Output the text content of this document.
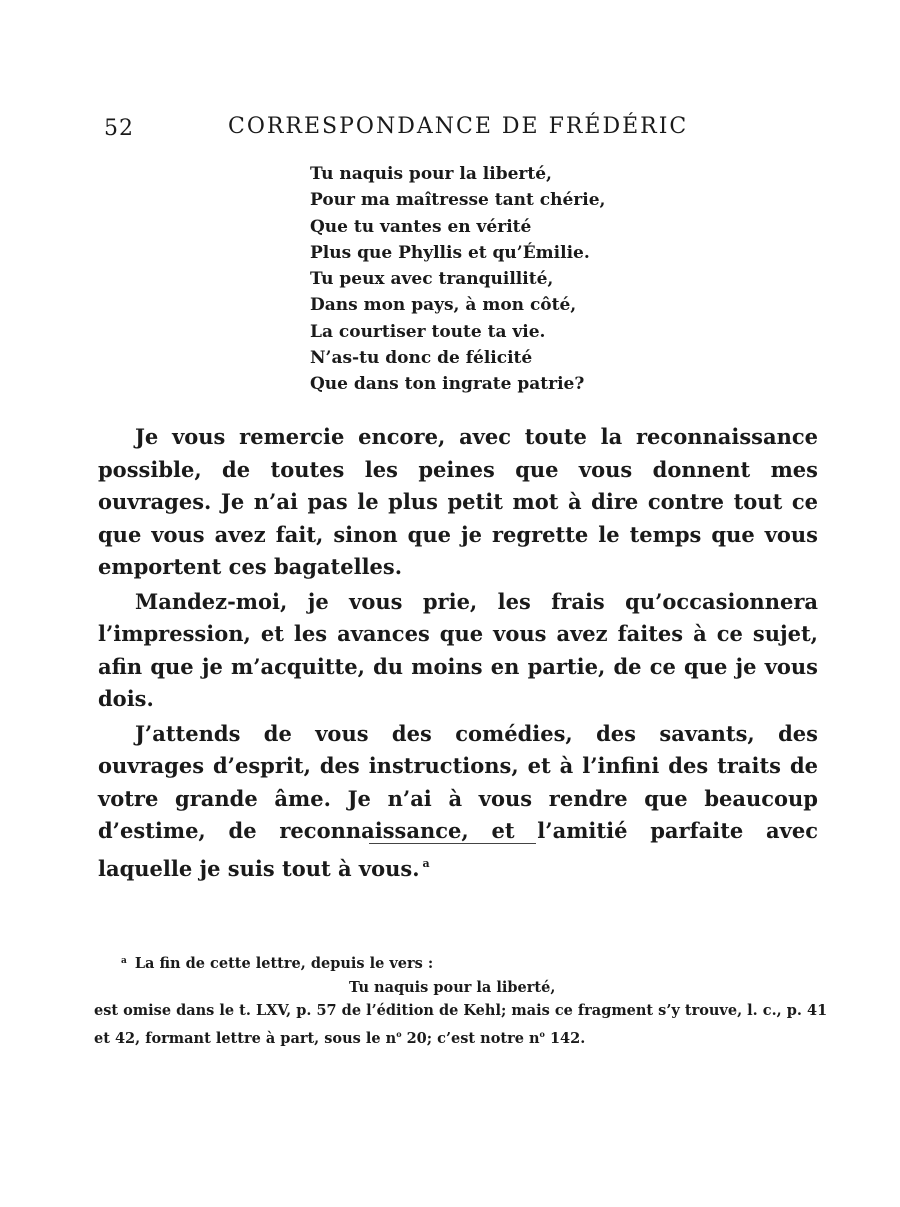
52	CORRESPONDANCE DE FRÉDÉRIC
Tu naquis pour la liberté,
Pour ma maîtresse tant chérie,
Que tu vantes en vérité
Plus que Phyllis et qu’Émilie.
Tu peux avec tranquillité,
Dans mon pays, à mon côté,
La courtiser toute ta vie.
N’as-tu donc de félicité
Que dans ton ingrate patrie?

Je vous remercie encore, avec toute la reconnaissance possible, de toutes les peines que vous donnent mes ouvrages. Je n’ai pas le plus petit mot à dire contre tout ce que vous avez fait, sinon que je regrette le temps que vous emportent ces bagatelles.

Mandez-moi, je vous prie, les frais qu’occasionnera l’impression, et les avances que vous avez faites à ce sujet, afin que je m’acquitte, du moins en partie, de ce que je vous dois.

J’attends de vous des comédies, des savants, des ouvrages d’esprit, des instructions, et à l’infini des traits de votre grande âme. Je n’ai à vous rendre que beaucoup d’estime, de reconnaissance, et l’amitié parfaite avec laquelle je suis tout à vous. $^a$

$^a$ La fin de cette lettre, depuis le vers :
Tu naquis pour la liberté,
est omise dans le t. LXV, p. 57 de l’édition de Kehl; mais ce fragment s’y trouve, l. c., p. 41
et 42, formant lettre à part, sous le $n^o$ 20; c’est notre $n^o$ 142.
